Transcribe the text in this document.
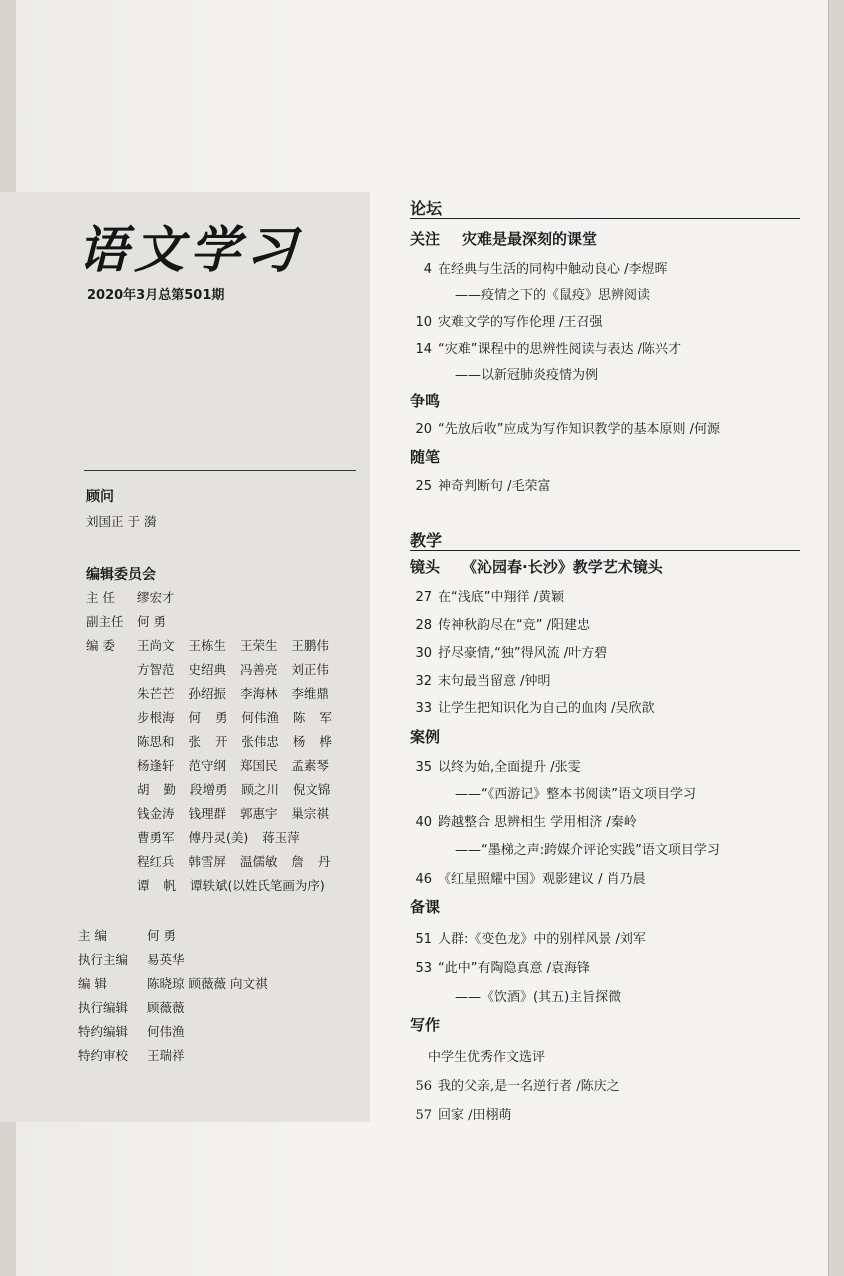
语文学习
2020年3月总第501期
顾问
刘国正 于 漪
编辑委员会
主 任 缪宏才
副主任 何 勇
编 委 王尚文 王栋生 王荣生 王鹏伟
方智范 史绍典 冯善亮 刘正伟
朱芒芒 孙绍振 李海林 李维鼎
步根海 何 勇 何伟渔 陈 军
陈思和 张 开 张伟忠 杨 桦
杨逢轩 范守纲 郑国民 孟素琴
胡 勤 段增勇 顾之川 倪文锦
钱金涛 钱理群 郭惠宇 巢宗祺
曹勇军 傅丹灵(美) 蒋玉萍
程红兵 韩雪屏 温儒敏 詹 丹
谭 帆 谭轶斌(以姓氏笔画为序)
主 编	何 勇
执行主编 易英华
编 辑	陈晓琼 顾薇薇 向文祺
执行编辑 顾薇薇
特约编辑 何伟渔
特约审校 王瑞祥
论坛
关注 灾难是最深刻的课堂
4 在经典与生活的同构中触动良心 /李煜晖
——疫情之下的《鼠疫》思辨阅读
10 灾难文学的写作伦理 /王召强
14 “灾难”课程中的思辨性阅读与表达 /陈兴才
——以新冠肺炎疫情为例
争鸣
20 “先放后收”应成为写作知识教学的基本原则 /何源
随笔
25 神奇判断句 /毛荣富
教学
镜头 《沁园春·长沙》教学艺术镜头
27 在“浅底”中翔徉 /黄颖
28 传神秋韵尽在“竞” /阳建忠
30 抒尽豪情,“独”得风流 /叶方碧
32 末句最当留意 /钟明
33 让学生把知识化为自己的血肉 /吴欣歆
案例
35 以终为始,全面提升 /张雯
——“《西游记》整本书阅读”语文项目学习
40 跨越整合 思辨相生 学用相济 /秦岭
——“墨梯之声:跨媒介评论实践”语文项目学习
46 《红星照耀中国》观影建议 / 肖乃晨
备课
51 人群:《变色龙》中的别样风景 /刘军
53 “此中”有陶隐真意 /袁海锋
——《饮酒》(其五)主旨探微
写作
中学生优秀作文选评
56 我的父亲,是一名逆行者 /陈庆之
57 回家 /田栩萌
